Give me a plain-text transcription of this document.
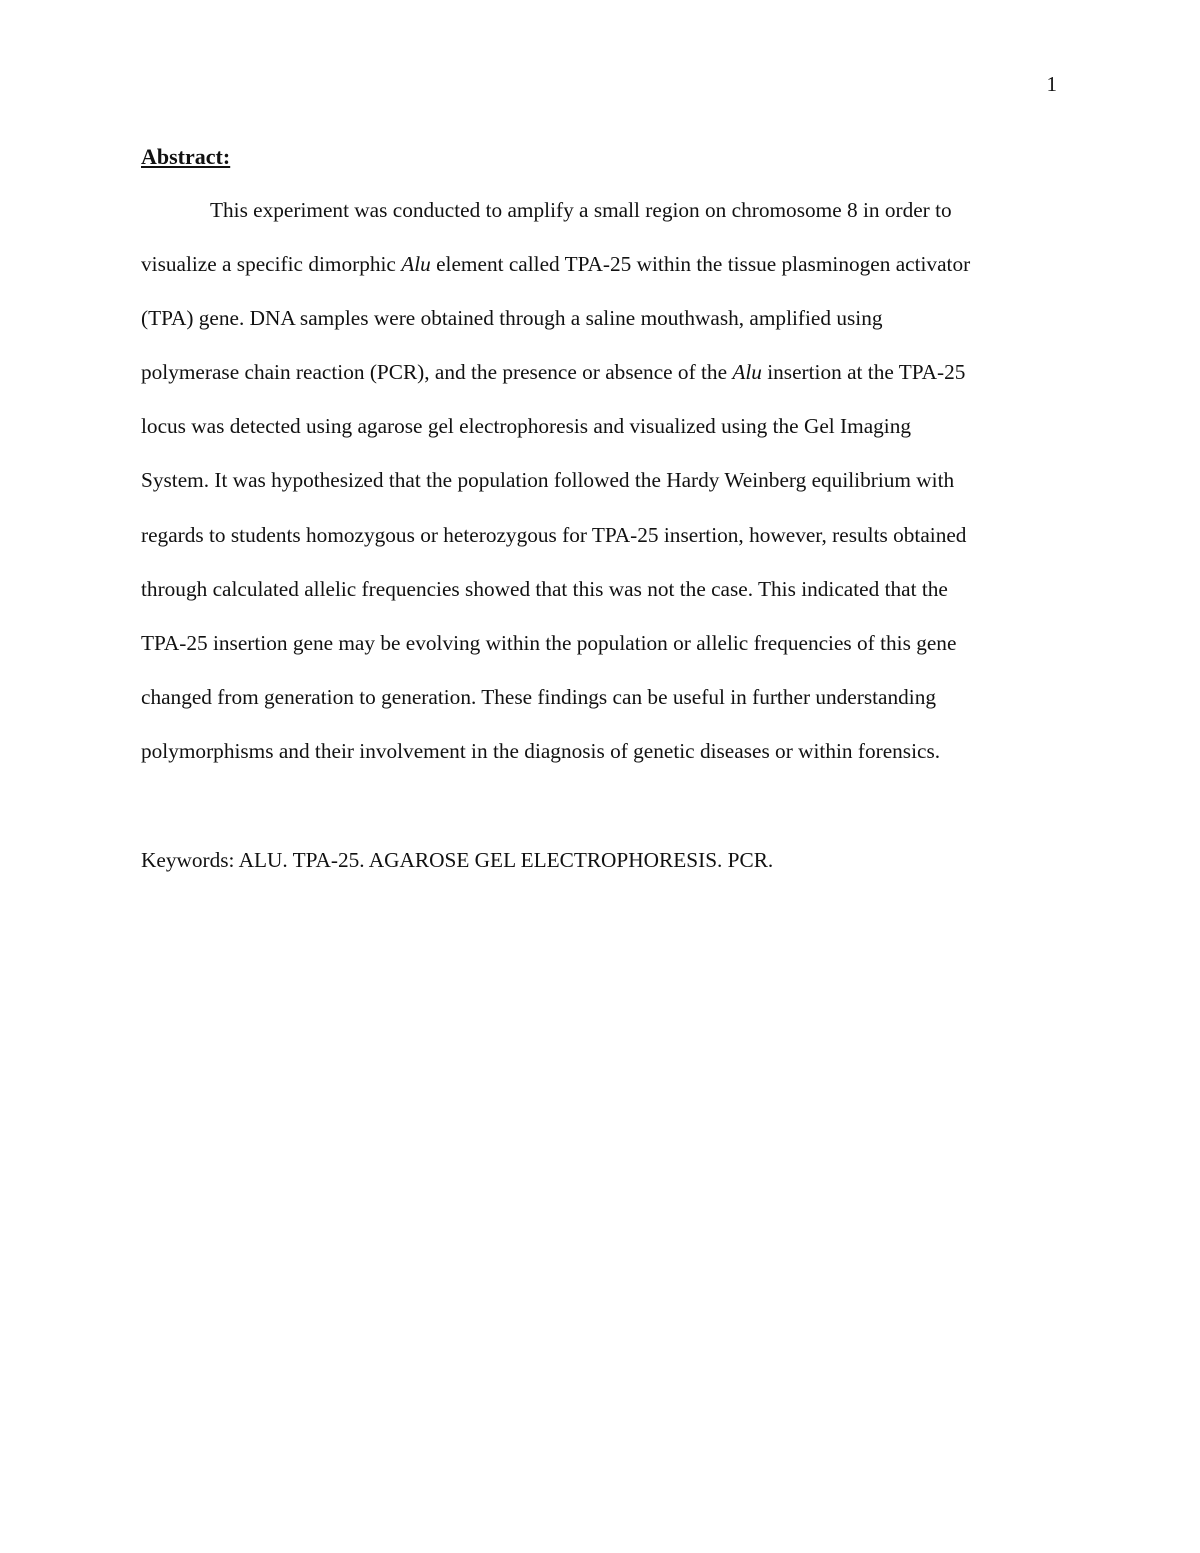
1
Abstract:

This experiment was conducted to amplify a small region on chromosome 8 in order to
visualize a specific dimorphic Alu element called TPA-25 within the tissue plasminogen activator
(TPA) gene. DNA samples were obtained through a saline mouthwash, amplified using
polymerase chain reaction (PCR), and the presence or absence of the Alu insertion at the TPA-25
locus was detected using agarose gel electrophoresis and visualized using the Gel Imaging
System. It was hypothesized that the population followed the Hardy Weinberg equilibrium with
regards to students homozygous or heterozygous for TPA-25 insertion, however, results obtained
through calculated allelic frequencies showed that this was not the case. This indicated that the
TPA-25 insertion gene may be evolving within the population or allelic frequencies of this gene
changed from generation to generation. These findings can be useful in further understanding
polymorphisms and their involvement in the diagnosis of genetic diseases or within forensics.

Keywords: ALU. TPA-25. AGAROSE GEL ELECTROPHORESIS. PCR.
